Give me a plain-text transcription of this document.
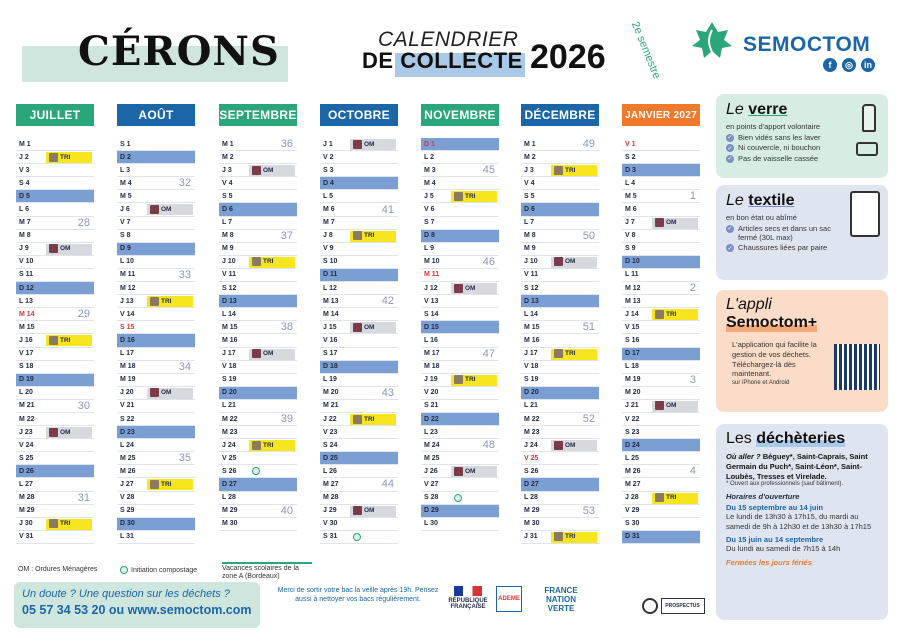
CÉRONS	CALENDRIER
DE COLLECTE 2026 2e semestre	SEMOCTOM
f	◎	in
JUILLET
M 1
J 2	TRI
V 3
S 4
D 5
L 6
M 7	28
M 8
J 9	OM
V 10
S 11
D 12
L 13
M 14	29
M 15
J 16	TRI
V 17
S 18
D 19
L 20
M 21	30
M 22
J 23	OM
V 24
S 25
D 26
L 27
M 28	31
M 29
J 30	TRI
V 31
AOÛT
S 1
D 2
L 3
M 4	32
M 5
J 6	OM
V 7
S 8
D 9
L 10
M 11	33
M 12
J 13	TRI
V 14
S 15
D 16
L 17
M 18	34
M 19
J 20	OM
V 21
S 22
D 23
L 24
M 25	35
M 26
J 27	TRI
V 28
S 29
D 30
L 31
SEPTEMBRE
M 1	36
M 2
J 3	OM
V 4
S 5
D 6
L 7
M 8	37
M 9
J 10	TRI
V 11
S 12
D 13
L 14
M 15	38
M 16
J 17	OM
V 18
S 19
D 20
L 21
M 22	39
M 23
J 24	TRI
V 25
S 26
D 27
L 28
M 29	40
M 30
OCTOBRE
J 1	OM
V 2
S 3
D 4
L 5
M 6	41
M 7
J 8	TRI
V 9
S 10
D 11
L 12
M 13	42
M 14
J 15	OM
V 16
S 17
D 18
L 19
M 20	43
M 21
J 22	TRI
V 23
S 24
D 25
L 26
M 27	44
M 28
J 29	OM
V 30
S 31
NOVEMBRE
D 1
L 2
M 3	45
M 4
J 5	TRI
V 6
S 7
D 8
L 9
M 10	46
M 11
J 12	OM
V 13
S 14
D 15
L 16
M 17	47
M 18
J 19	TRI
V 20
S 21
D 22
L 23
M 24	48
M 25
J 26	OM
V 27
S 28
D 29
L 30
DÉCEMBRE
M 1	49
M 2
J 3	TRI
V 4
S 5
D 6
L 7
M 8	50
M 9
J 10	OM
V 11
S 12
D 13
L 14
M 15	51
M 16
J 17	TRI
V 18
S 19
D 20
L 21
M 22	52
M 23
J 24	OM
V 25
S 26
D 27
L 28
M 29	53
M 30
J 31	TRI
JANVIER 2027
V 1
S 2
D 3
L 4
M 5	1
M 6
J 7	OM
V 8
S 9
D 10
L 11
M 12	2
M 13
J 14	TRI
V 15
S 16
D 17
L 18
M 19	3
M 20
J 21	OM
V 22
S 23
D 24
L 25
M 26	4
M 27
J 28	TRI
V 29
S 30
D 31
OM : Ordures Ménagères	Initiation compostage	Vacances scolaires de la zone A (Bordeaux)
Un doute ? Une question sur les déchets ?
05 57 34 53 20 ou www.semoctom.com
Merci de sortir votre bac la veille après 19h. Pensez aussi à nettoyer vos bacs régulièrement.	RÉPUBLIQUE FRANÇAISE
ADEME
FRANCE NATION VERTE	PROSPECTUS
Le verre
en points d'apport volontaire
✓ Bien vidés sans les laver
✓ Ni couvercle, ni bouchon
✓ Pas de vaisselle cassée
Le textile
en bon état ou abîmé
✓ Articles secs et dans un sac fermé (30L max)
✓ Chaussures liées par paire
L'appli
Semoctom+
L'application qui facilite la gestion de vos déchets. Téléchargez-là dès maintenant.
sur iPhone et Android
Les déchèteries
Où aller ? Béguey*, Saint-Caprais, Saint Germain du Puch*, Saint-Léon*, Saint-Loubès, Tresses et Virelade.
* Ouvert aux professionnels (sauf bâtiment).
Horaires d'ouverture
Du 15 septembre au 14 juin
Le lundi de 13h30 à 17h15, du mardi au samedi de 9h à 12h30 et de 13h30 à 17h15
Du 15 juin au 14 septembre
Du lundi au samedi de 7h15 à 14h
Fermées les jours fériés
